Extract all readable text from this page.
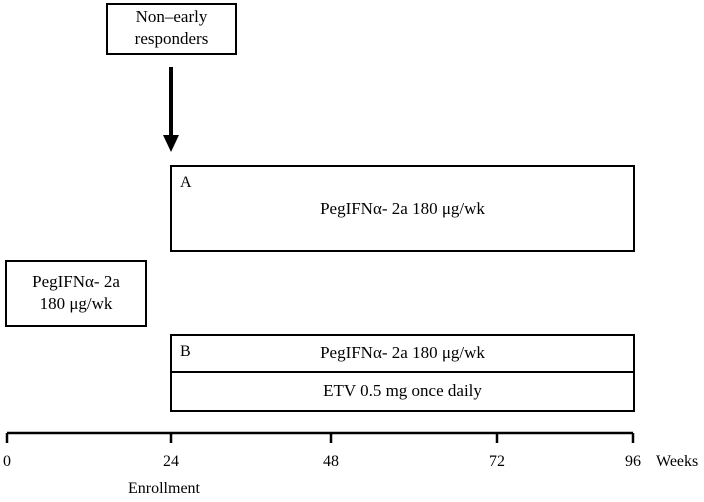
Non–early
responders
PegIFNα- 2a
180 μg/wk
A
PegIFNα- 2a 180 μg/wk
B	PegIFNα- 2a 180 μg/wk
ETV 0.5 mg once daily
0	24	48	72	96 Weeks
Enrollment
